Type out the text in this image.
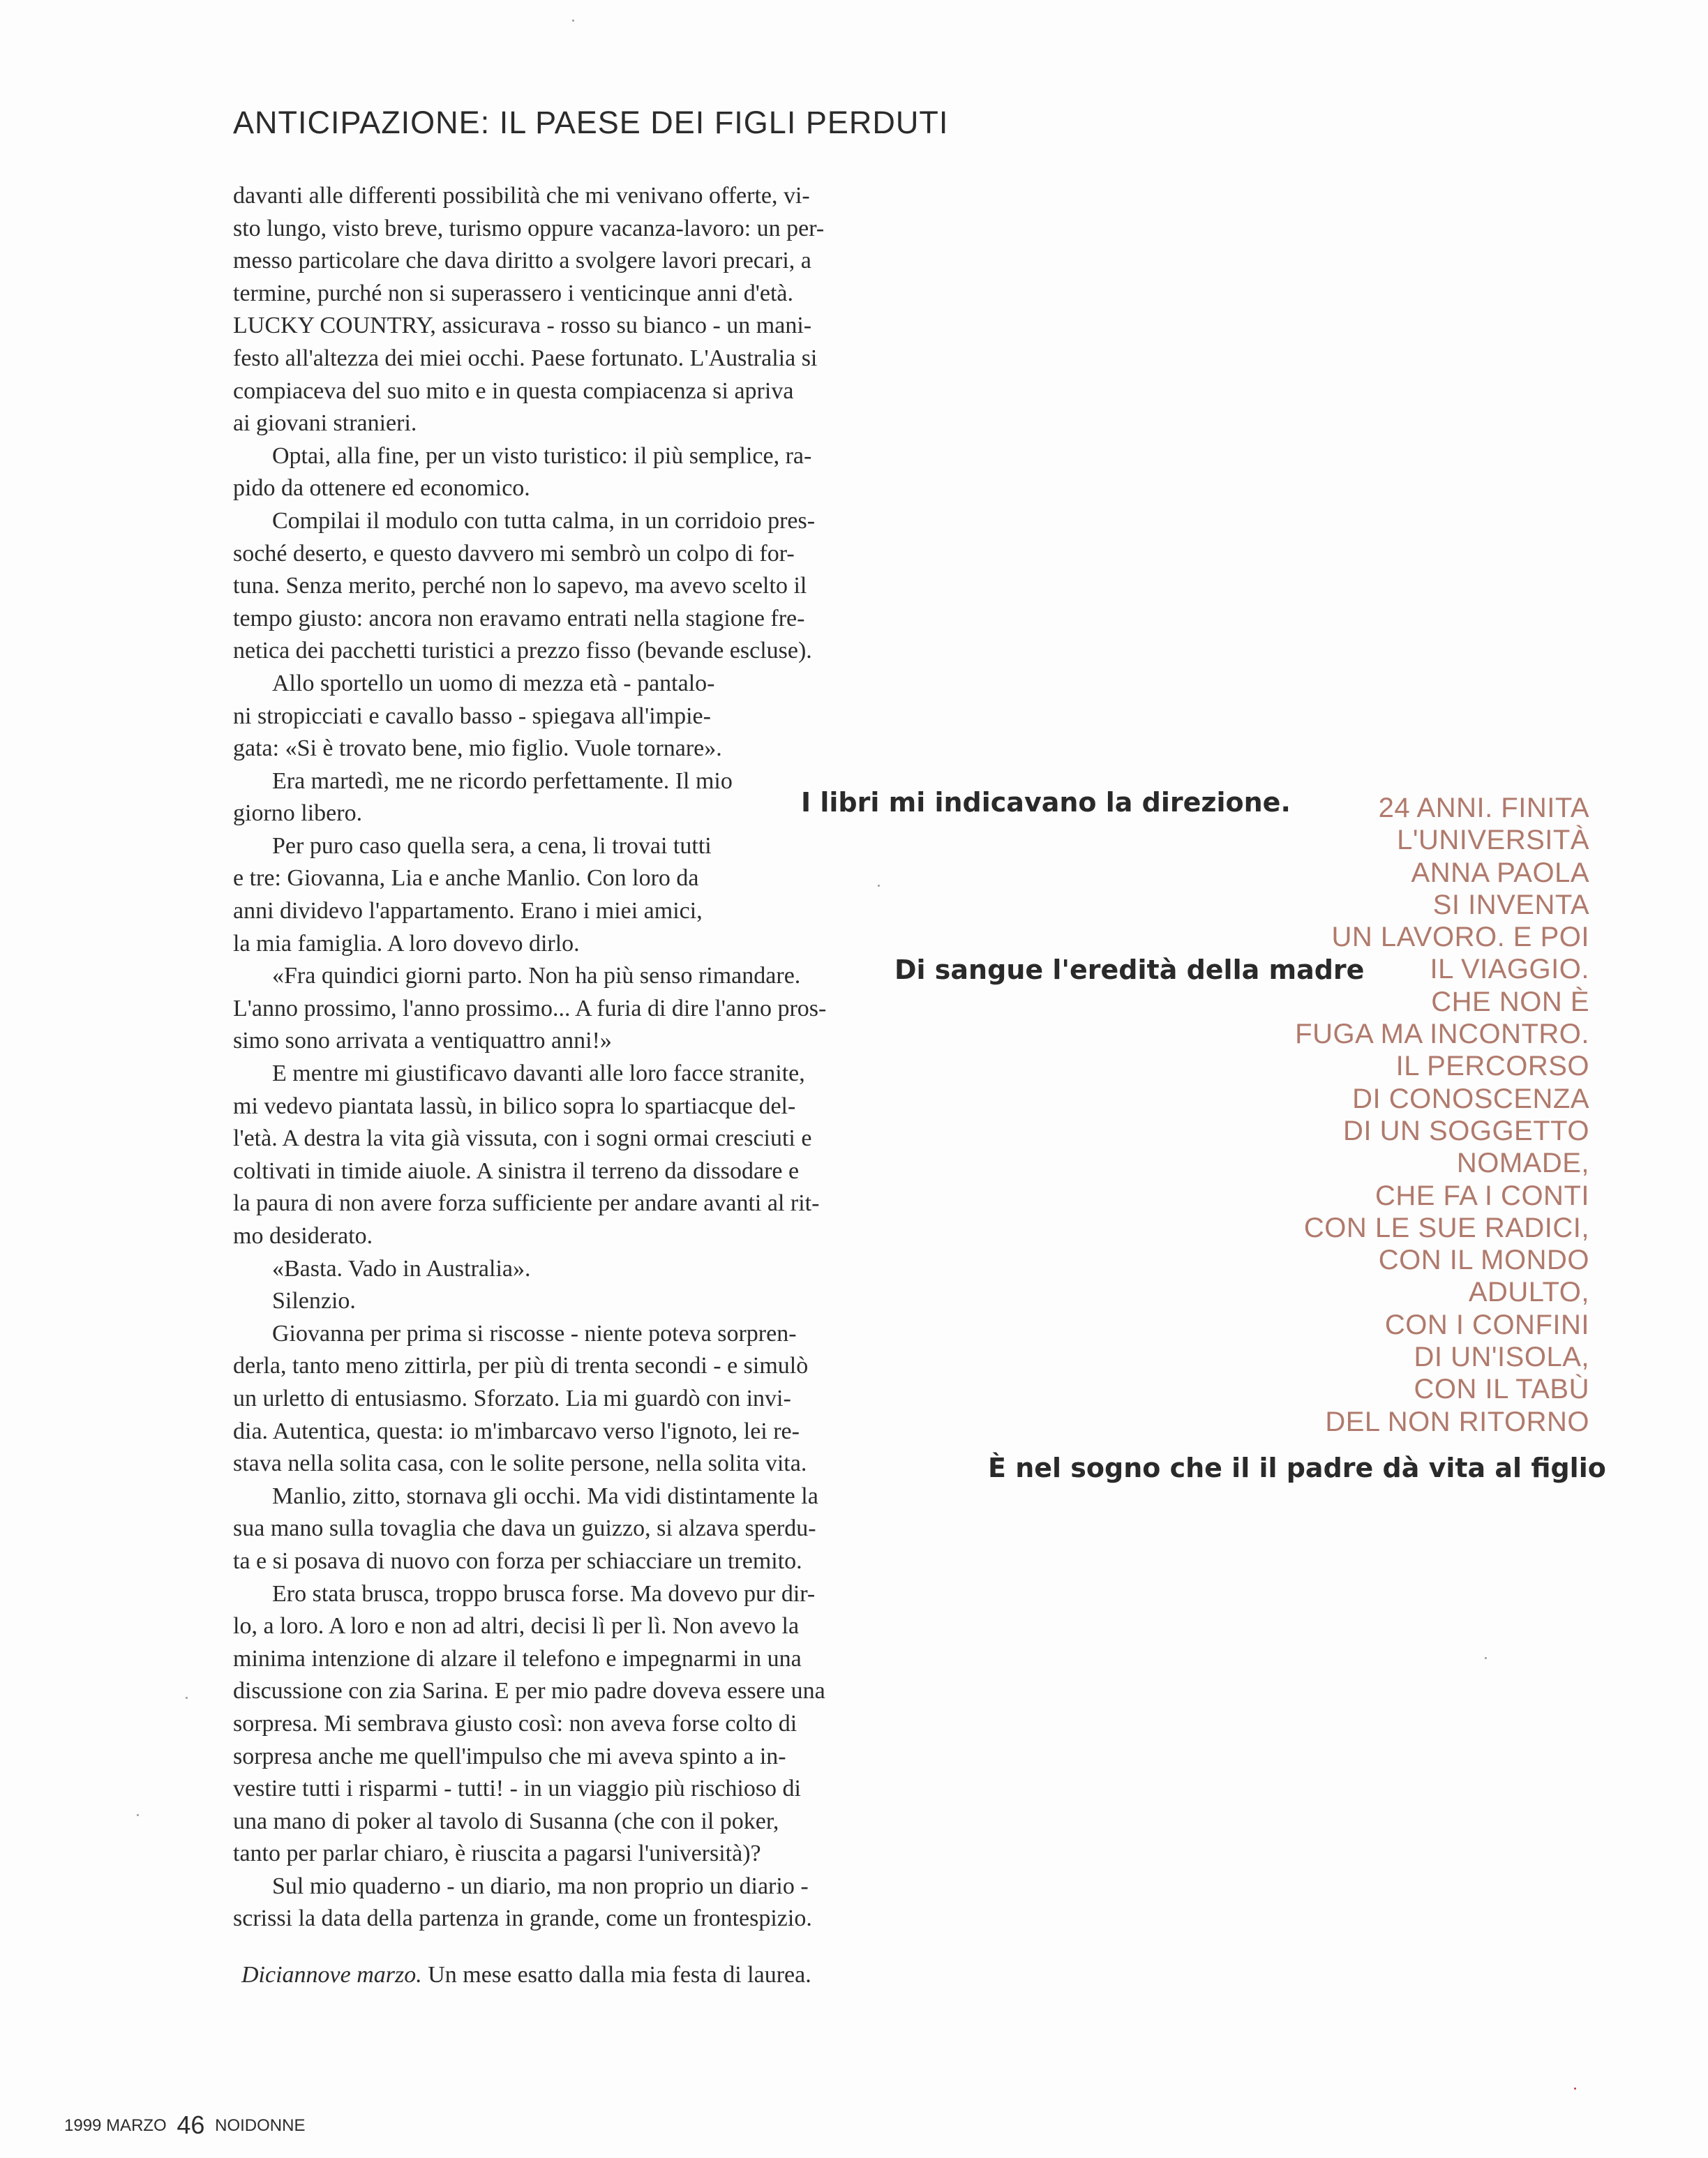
ANTICIPAZIONE: IL PAESE DEI FIGLI PERDUTI
davanti alle differenti possibilità che mi venivano offerte, vi-
sto lungo, visto breve, turismo oppure vacanza-lavoro: un per-
messo particolare che dava diritto a svolgere lavori precari, a
termine, purché non si superassero i venticinque anni d'età.
LUCKY COUNTRY, assicurava - rosso su bianco - un mani-
festo all'altezza dei miei occhi. Paese fortunato. L'Australia si
compiaceva del suo mito e in questa compiacenza si apriva
ai giovani stranieri.
Optai, alla fine, per un visto turistico: il più semplice, ra-
pido da ottenere ed economico.
Compilai il modulo con tutta calma, in un corridoio pres-
soché deserto, e questo davvero mi sembrò un colpo di for-
tuna. Senza merito, perché non lo sapevo, ma avevo scelto il
tempo giusto: ancora non eravamo entrati nella stagione fre-
netica dei pacchetti turistici a prezzo fisso (bevande escluse).
Allo sportello un uomo di mezza età - pantalo-
ni stropicciati e cavallo basso - spiegava all'impie-
gata: «Si è trovato bene, mio figlio. Vuole tornare».
Era martedì, me ne ricordo perfettamente. Il mio
giorno libero.
Per puro caso quella sera, a cena, li trovai tutti
e tre: Giovanna, Lia e anche Manlio. Con loro da
anni dividevo l'appartamento. Erano i miei amici,
la mia famiglia. A loro dovevo dirlo.
«Fra quindici giorni parto. Non ha più senso rimandare.
L'anno prossimo, l'anno prossimo... A furia di dire l'anno pros-
simo sono arrivata a ventiquattro anni!»
E mentre mi giustificavo davanti alle loro facce stranite,
mi vedevo piantata lassù, in bilico sopra lo spartiacque del-
l'età. A destra la vita già vissuta, con i sogni ormai cresciuti e
coltivati in timide aiuole. A sinistra il terreno da dissodare e
la paura di non avere forza sufficiente per andare avanti al rit-
mo desiderato.
«Basta. Vado in Australia».
Silenzio.
Giovanna per prima si riscosse - niente poteva sorpren-
derla, tanto meno zittirla, per più di trenta secondi - e simulò
un urletto di entusiasmo. Sforzato. Lia mi guardò con invi-
dia. Autentica, questa: io m'imbarcavo verso l'ignoto, lei re-
stava nella solita casa, con le solite persone, nella solita vita.
Manlio, zitto, stornava gli occhi. Ma vidi distintamente la
sua mano sulla tovaglia che dava un guizzo, si alzava sperdu-
ta e si posava di nuovo con forza per schiacciare un tremito.
Ero stata brusca, troppo brusca forse. Ma dovevo pur dir-
lo, a loro. A loro e non ad altri, decisi lì per lì. Non avevo la
minima intenzione di alzare il telefono e impegnarmi in una
discussione con zia Sarina. E per mio padre doveva essere una
sorpresa. Mi sembrava giusto così: non aveva forse colto di
sorpresa anche me quell'impulso che mi aveva spinto a in-
vestire tutti i risparmi - tutti! - in un viaggio più rischioso di
una mano di poker al tavolo di Susanna (che con il poker,
tanto per parlar chiaro, è riuscita a pagarsi l'università)?
Sul mio quaderno - un diario, ma non proprio un diario -
scrissi la data della partenza in grande, come un frontespizio.
Diciannove marzo. Un mese esatto dalla mia festa di laurea.
I libri mi indicavano la direzione.
Di sangue l'eredità della madre
È nel sogno che il il padre dà vita al figlio
24 ANNI. FINITA
L'UNIVERSITÀ
ANNA PAOLA
SI INVENTA
UN LAVORO. E POI
IL VIAGGIO.
CHE NON È
FUGA MA INCONTRO.
IL PERCORSO
DI CONOSCENZA
DI UN SOGGETTO
NOMADE,
CHE FA I CONTI
CON LE SUE RADICI,
CON IL MONDO
ADULTO,
CON I CONFINI
DI UN'ISOLA,
CON IL TABÙ
DEL NON RITORNO
1999 MARZO 46 NOIDONNE
